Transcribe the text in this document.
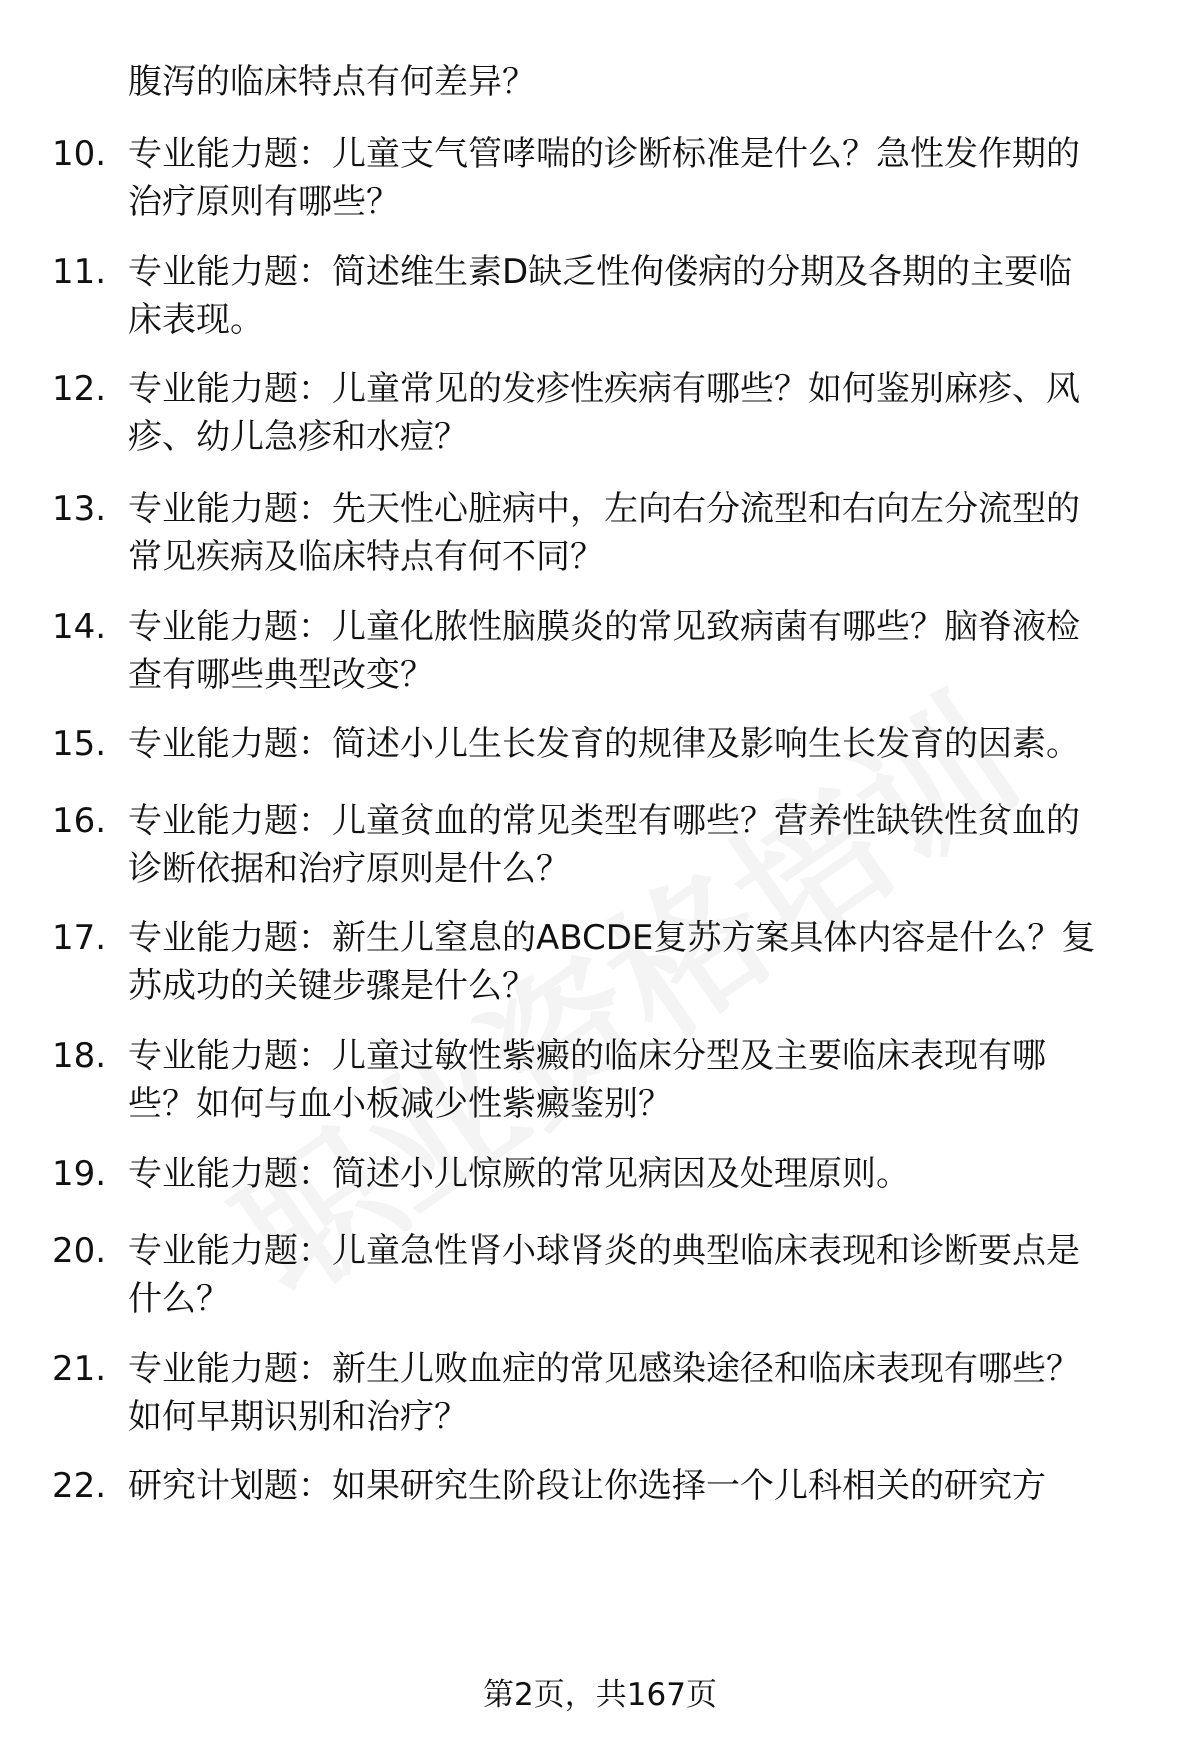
腹泻的临床特点有何差异？
10. 专业能力题：儿童支气管哮喘的诊断标准是什么？急性发作期的
治疗原则有哪些？
11. 专业能力题：简述维生素D缺乏性佝偻病的分期及各期的主要临
床表现。
12. 专业能力题：儿童常见的发疹性疾病有哪些？如何鉴别麻疹、风
疹、幼儿急疹和水痘？
13. 专业能力题：先天性心脏病中，左向右分流型和右向左分流型的
常见疾病及临床特点有何不同？
14. 专业能力题：儿童化脓性脑膜炎的常见致病菌有哪些？脑脊液检
查有哪些典型改变？
15. 专业能力题：简述小儿生长发育的规律及影响生长发育的因素。
16. 专业能力题：儿童贫血的常见类型有哪些？营养性缺铁性贫血的
诊断依据和治疗原则是什么？
17. 专业能力题：新生儿窒息的ABCDE复苏方案具体内容是什么？复
苏成功的关键步骤是什么？
18. 专业能力题：儿童过敏性紫癜的临床分型及主要临床表现有哪
些？如何与血小板减少性紫癜鉴别？
19. 专业能力题：简述小儿惊厥的常见病因及处理原则。
20. 专业能力题：儿童急性肾小球肾炎的典型临床表现和诊断要点是
什么？
21. 专业能力题：新生儿败血症的常见感染途径和临床表现有哪些？
如何早期识别和治疗？
22. 研究计划题：如果研究生阶段让你选择一个儿科相关的研究方
第2页，共167页
